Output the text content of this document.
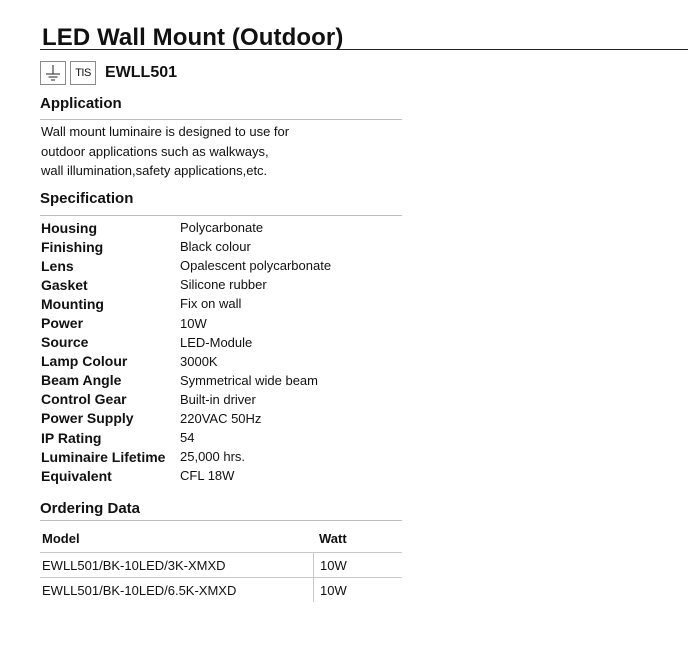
LED Wall Mount (Outdoor)
TIS EWLL501
Application
Wall mount luminaire is designed to use for
outdoor applications such as walkways,
wall illumination,safety applications,etc.
Specification
Housing	Polycarbonate
Finishing	Black colour
Lens	Opalescent polycarbonate
Gasket	Silicone rubber
Mounting	Fix on wall
Power	10W
Source	LED-Module
Lamp Colour	3000K
Beam Angle	Symmetrical wide beam
Control Gear	Built-in driver
Power Supply	220VAC 50Hz
IP Rating	54
Luminaire Lifetime	25,000 hrs.
Equivalent	CFL 18W
Ordering Data
Model	Watt
EWLL501/BK-10LED/3K-XMXD	10W
EWLL501/BK-10LED/6.5K-XMXD	10W
